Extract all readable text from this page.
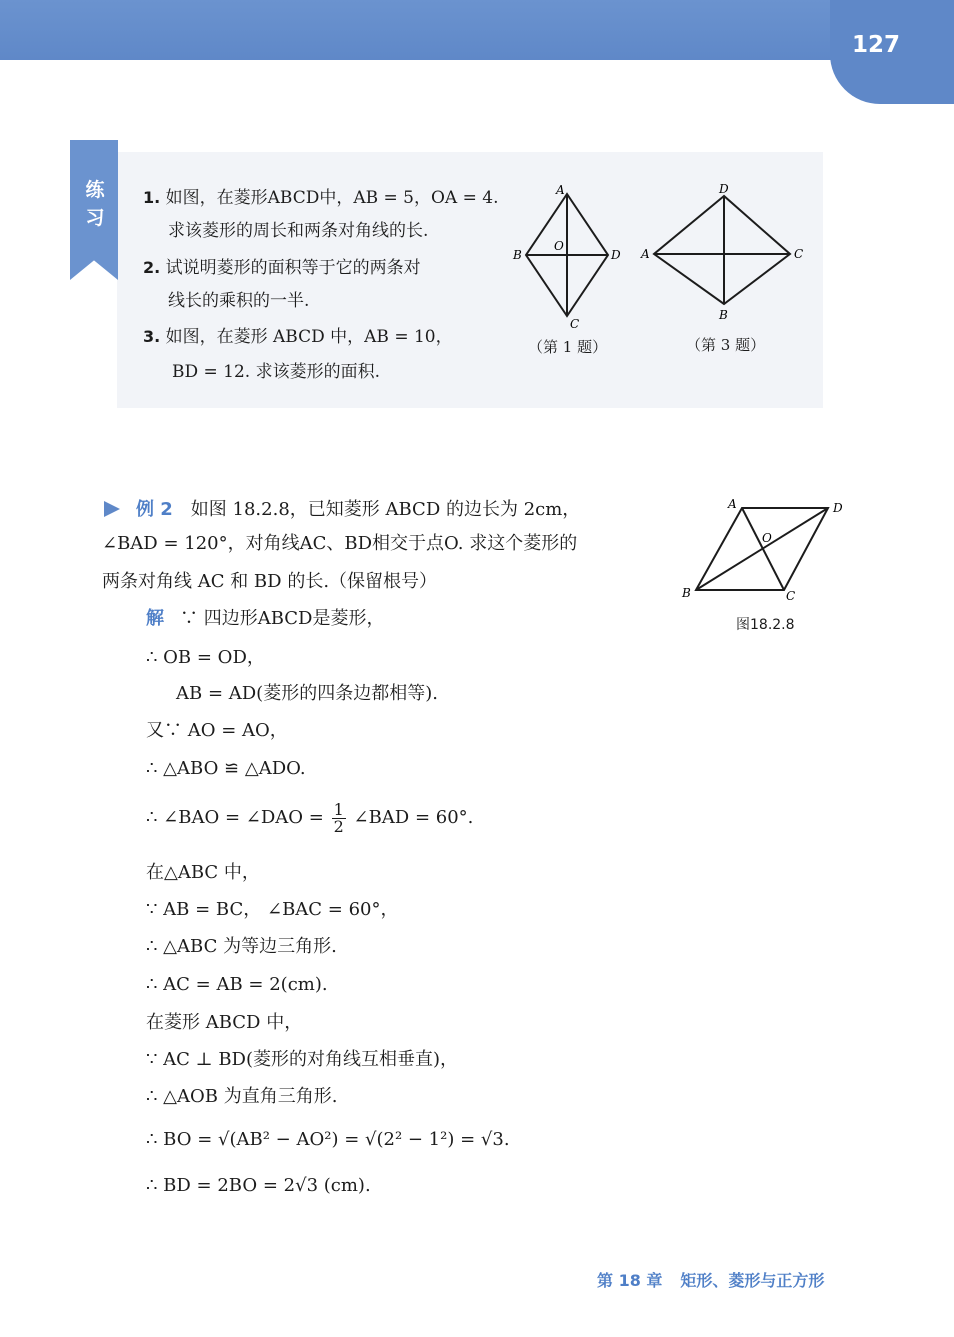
127
练
习
1. 如图，在菱形ABCD中，AB = 5，OA = 4.
求该菱形的周长和两条对角线的长.
2. 试说明菱形的面积等于它的两条对
线长的乘积的一半.
3. 如图，在菱形 ABCD 中，AB = 10，
BD = 12. 求该菱形的面积.
A
B
C
D
O
（第 1 题）
D
A	C
B
（第 3 题）
例 2 如图 18.2.8，已知菱形 ABCD 的边长为 2cm，
∠BAD = 120°，对角线AC、BD相交于点O. 求这个菱形的
两条对角线 AC 和 BD 的长.（保留根号）
A	D
B	C
O
图18.2.8
解 ∵ 四边形ABCD是菱形，
∴ OB = OD，
AB = AD(菱形的四条边都相等).
又∵ AO = AO，
∴ △ABO ≌ △ADO.
∴ ∠BAO = ∠DAO = $\frac{1}{2}$ ∠BAD = 60°.
在△ABC 中，
∵ AB = BC， ∠BAC = 60°，
∴ △ABC 为等边三角形.
∴ AC = AB = 2(cm).
在菱形 ABCD 中，
∵ AC ⊥ BD(菱形的对角线互相垂直)，
∴ △AOB 为直角三角形.
∴ BO = √(AB² − AO²) = √(2² − 1²) = √3.
∴ BD = 2BO = 2√3 (cm).
第 18 章 矩形、菱形与正方形
